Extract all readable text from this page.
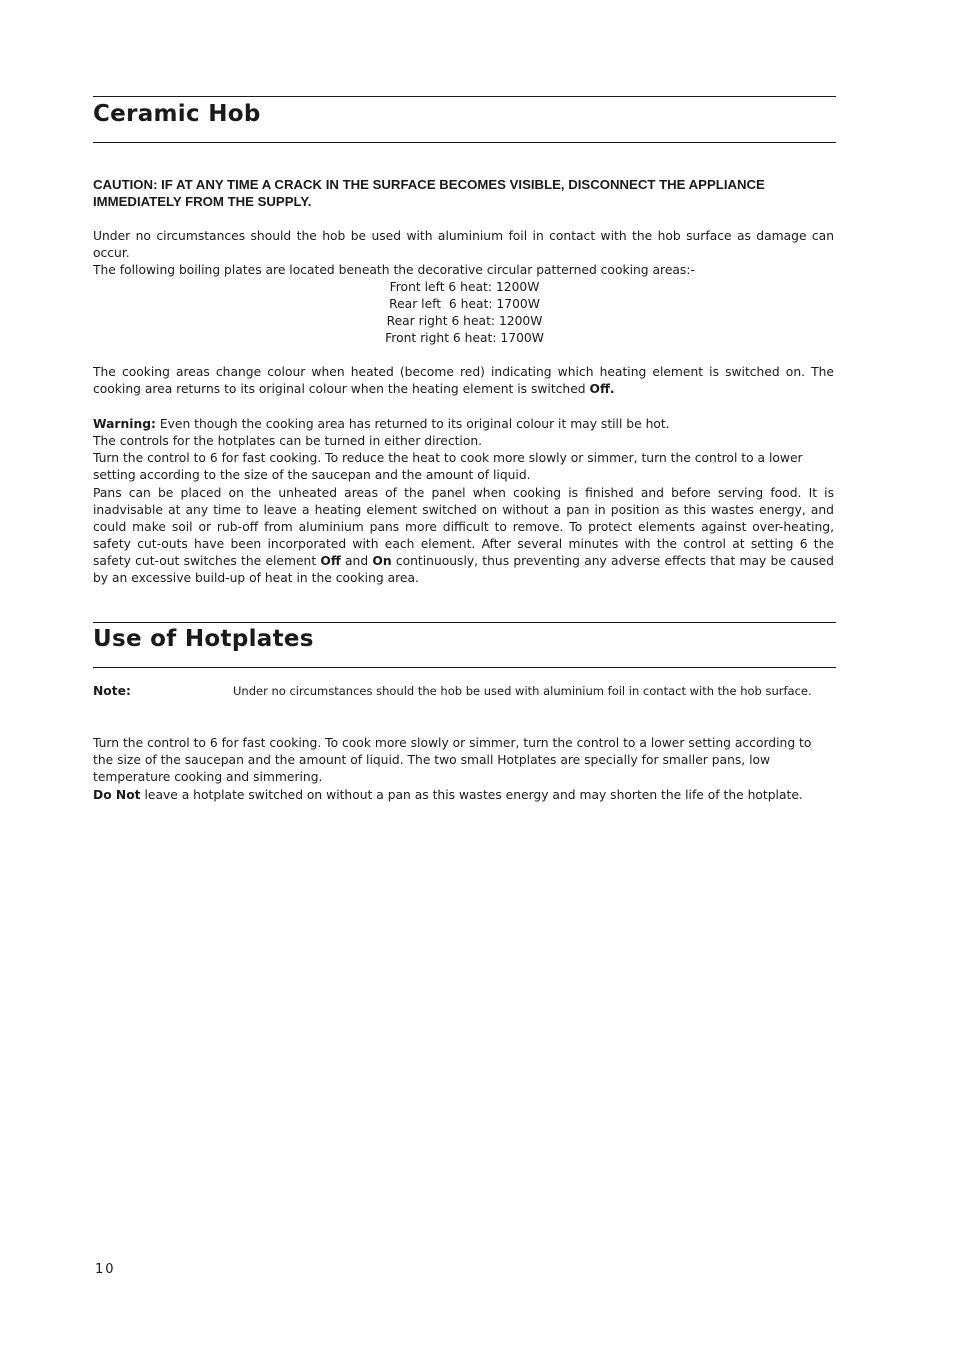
Ceramic Hob

CAUTION: IF AT ANY TIME A CRACK IN THE SURFACE BECOMES VISIBLE, DISCONNECT THE APPLIANCE IMMEDIATELY FROM THE SUPPLY.

Under no circumstances should the hob be used with aluminium foil in contact with the hob surface as damage can occur.

The following boiling plates are located beneath the decorative circular patterned cooking areas:-

Front left 6 heat: 1200W
Rear left  6 heat: 1700W
Rear right 6 heat: 1200W
Front right 6 heat: 1700W

The cooking areas change colour when heated (become red) indicating which heating element is switched on. The cooking area returns to its original colour when the heating element is switched Off.

Warning: Even though the cooking area has returned to its original colour it may still be hot.

The controls for the hotplates can be turned in either direction.

Turn the control to 6 for fast cooking. To reduce the heat to cook more slowly or simmer, turn the control to a lower setting according to the size of the saucepan and the amount of liquid.

Pans can be placed on the unheated areas of the panel when cooking is finished and before serving food. It is inadvisable at any time to leave a heating element switched on without a pan in position as this wastes energy, and could make soil or rub-off from aluminium pans more difficult to remove. To protect elements against over-heating, safety cut-outs have been incorporated with each element. After several minutes with the control at setting 6 the safety cut-out switches the element Off and On continuously, thus preventing any adverse effects that may be caused by an excessive build-up of heat in the cooking area.

Use of Hotplates
Note:	Under no circumstances should the hob be used with aluminium foil in contact with the hob surface.

Turn the control to 6 for fast cooking. To cook more slowly or simmer, turn the control to a lower setting according to the size of the saucepan and the amount of liquid. The two small Hotplates are specially for smaller pans, low temperature cooking and simmering.

Do Not leave a hotplate switched on without a pan as this wastes energy and may shorten the life of the hotplate.

10
